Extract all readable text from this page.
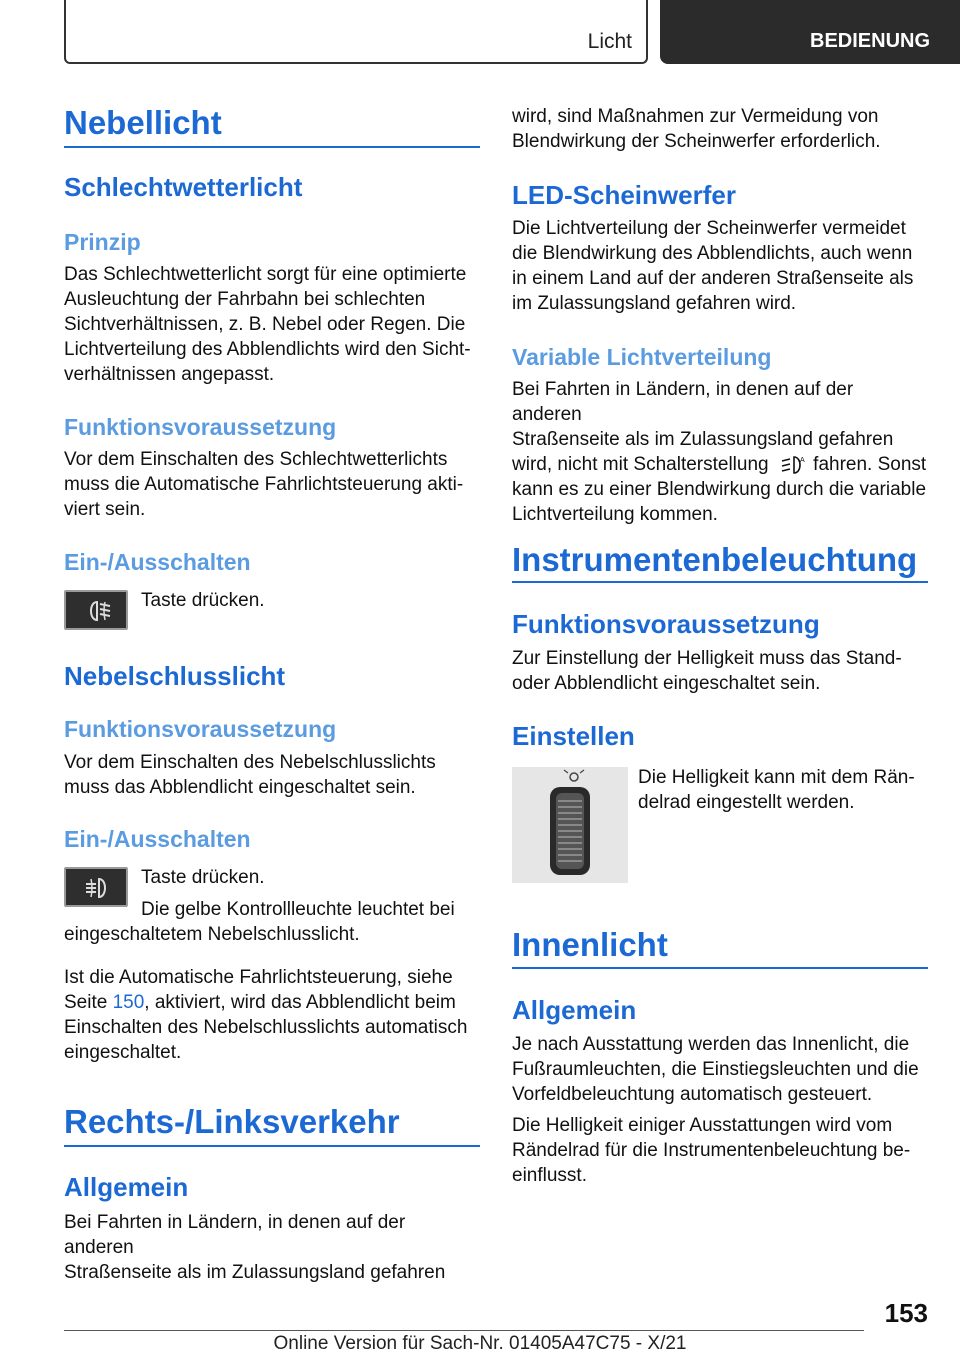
Licht	BEDIENUNG
Nebellicht
Schlechtwetterlicht
Prinzip
Das Schlechtwetterlicht sorgt für eine optimierte
Ausleuchtung der Fahrbahn bei schlechten
Sichtverhältnissen, z. B. Nebel oder Regen. Die
Lichtverteilung des Abblendlichts wird den Sicht‐
verhältnissen angepasst.
Funktionsvoraussetzung
Vor dem Einschalten des Schlechtwetterlichts
muss die Automatische Fahrlichtsteuerung akti‐
viert sein.
Ein-/Ausschalten
Taste drücken.
Nebelschlusslicht
Funktionsvoraussetzung
Vor dem Einschalten des Nebelschlusslichts
muss das Abblendlicht eingeschaltet sein.
Ein-/Ausschalten
Taste drücken.
Die gelbe Kontrollleuchte leuchtet bei
eingeschaltetem Nebelschlusslicht.
Ist die Automatische Fahrlichtsteuerung, siehe
Seite 150, aktiviert, wird das Abblendlicht beim
Einschalten des Nebelschlusslichts automatisch
eingeschaltet.
Rechts-/Linksverkehr
Allgemein
Bei Fahrten in Ländern, in denen auf der anderen
Straßenseite als im Zulassungsland gefahren
wird, sind Maßnahmen zur Vermeidung von
Blendwirkung der Scheinwerfer erforderlich.
LED-Scheinwerfer
Die Lichtverteilung der Scheinwerfer vermeidet
die Blendwirkung des Abblendlichts, auch wenn
in einem Land auf der anderen Straßenseite als
im Zulassungsland gefahren wird.
Variable Lichtverteilung
Bei Fahrten in Ländern, in denen auf der anderen
Straßenseite als im Zulassungsland gefahren
wird, nicht mit Schalterstellung	A fahren. Sonst
kann es zu einer Blendwirkung durch die variable
Lichtverteilung kommen.
Instrumentenbeleuchtung
Funktionsvoraussetzung
Zur Einstellung der Helligkeit muss das Stand‐
oder Abblendlicht eingeschaltet sein.
Einstellen
Die Helligkeit kann mit dem Rän‐
delrad eingestellt werden.
Innenlicht
Allgemein
Je nach Ausstattung werden das Innenlicht, die
Fußraumleuchten, die Einstiegsleuchten und die
Vorfeldbeleuchtung automatisch gesteuert.
Die Helligkeit einiger Ausstattungen wird vom
Rändelrad für die Instrumentenbeleuchtung be‐
einflusst.
153
Online Version für Sach-Nr. 01405A47C75 - X/21
